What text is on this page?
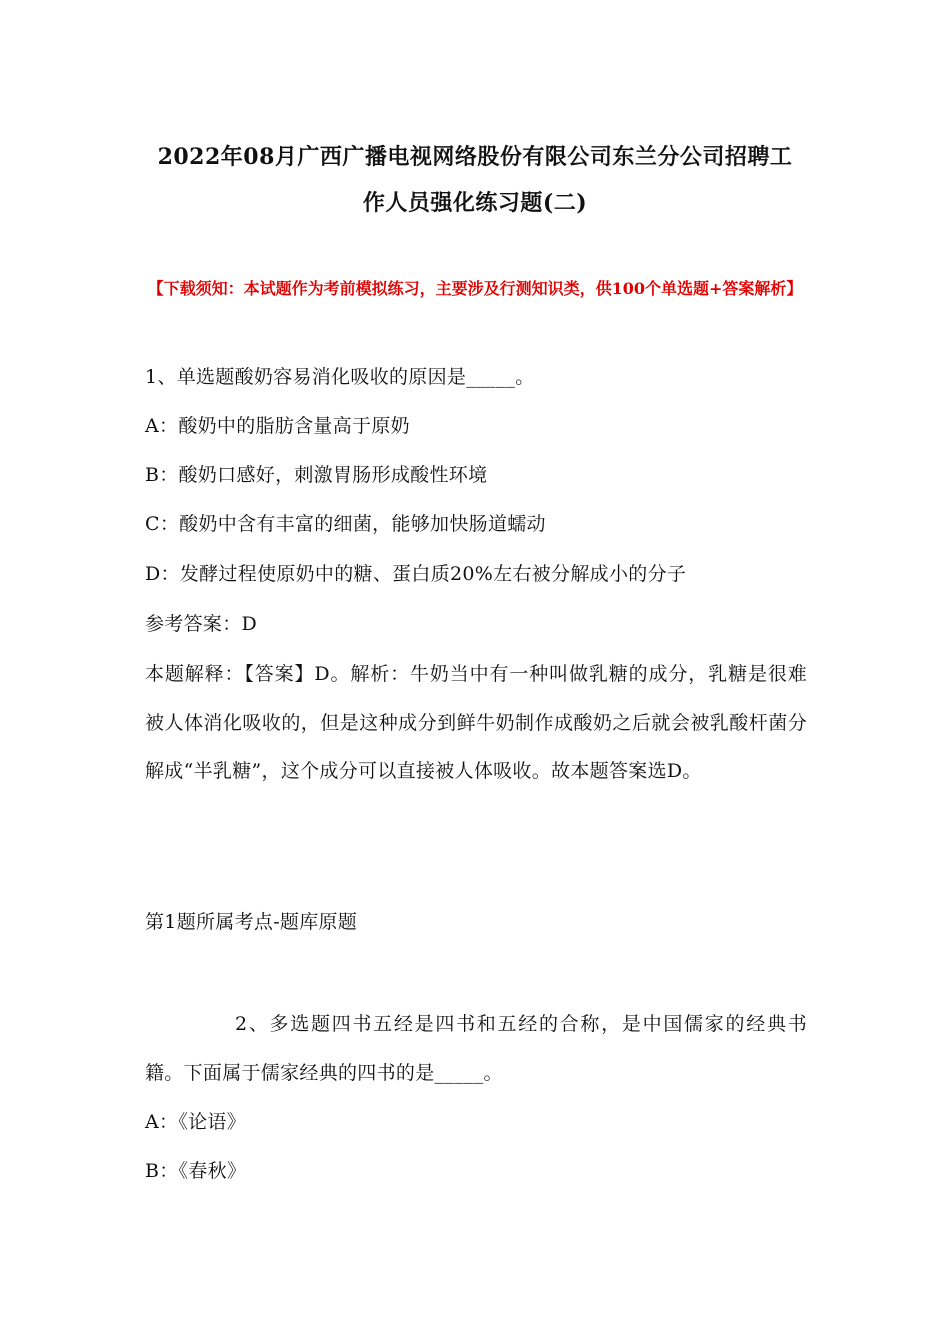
2022年08月广西广播电视网络股份有限公司东兰分公司招聘工
作人员强化练习题(二)
【下载须知：本试题作为考前模拟练习，主要涉及行测知识类，供100个单选题+答案解析】
1、单选题酸奶容易消化吸收的原因是_____。
A：酸奶中的脂肪含量高于原奶
B：酸奶口感好，刺激胃肠形成酸性环境
C：酸奶中含有丰富的细菌，能够加快肠道蠕动
D：发酵过程使原奶中的糖、蛋白质20%左右被分解成小的分子
参考答案：D
本题解释：【答案】D。解析：牛奶当中有一种叫做乳糖的成分，乳糖是很难被人体消化吸收的，但是这种成分到鲜牛奶制作成酸奶之后就会被乳酸杆菌分解成“半乳糖”，这个成分可以直接被人体吸收。故本题答案选D。
第1题所属考点-题库原题
2、多选题四书五经是四书和五经的合称，是中国儒家的经典书籍。下面属于儒家经典的四书的是_____。
A：《论语》
B：《春秋》
